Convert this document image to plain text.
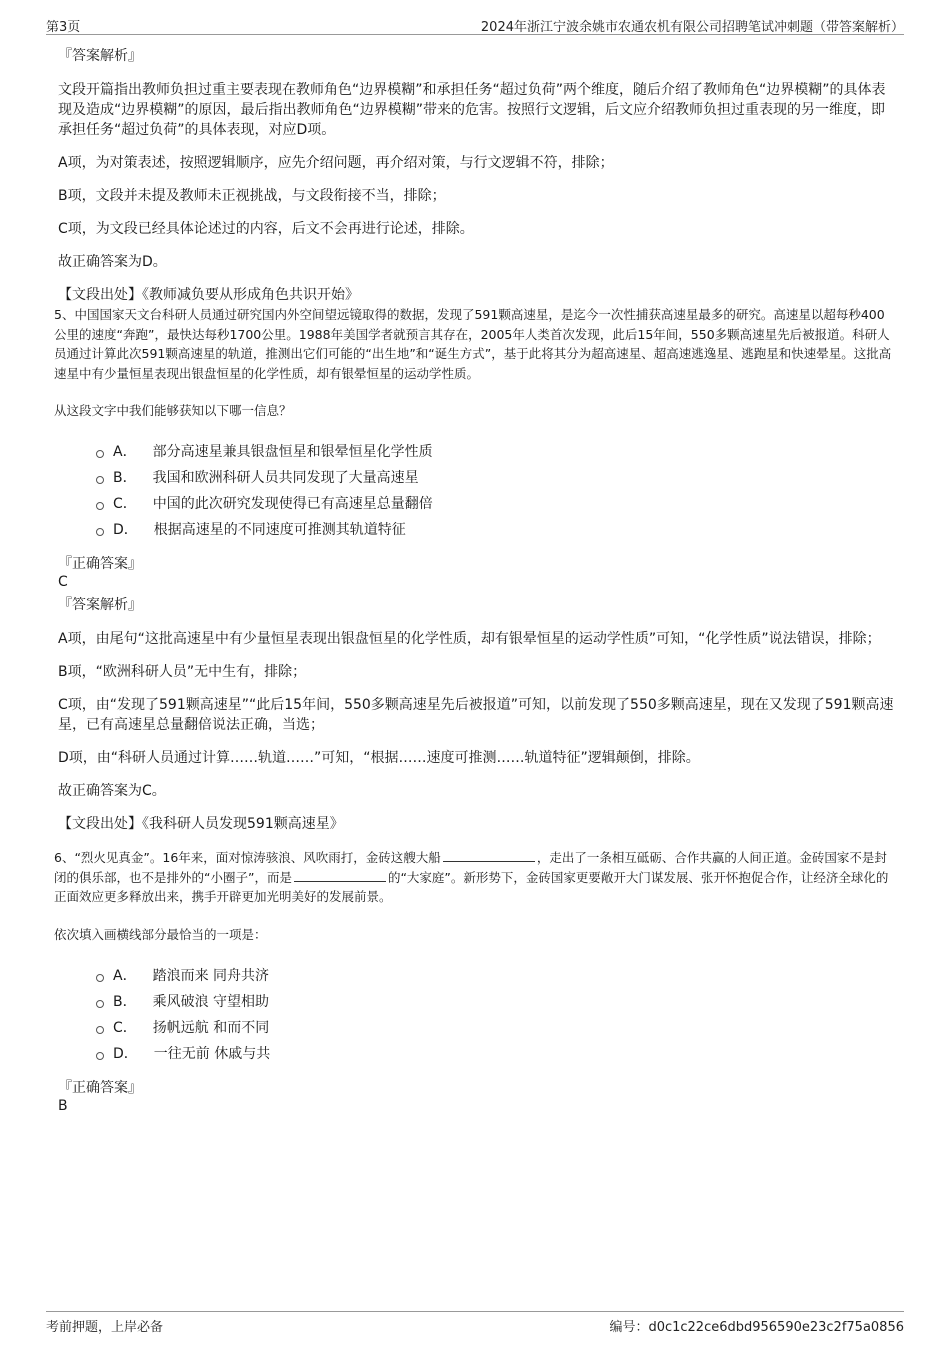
第3页	2024年浙江宁波余姚市农通农机有限公司招聘笔试冲刺题（带答案解析）
『答案解析』
文段开篇指出教师负担过重主要表现在教师角色“边界模糊”和承担任务“超过负荷”两个维度，随后介绍了教师角色“边界模糊”的具体表现及造成“边界模糊”的原因，最后指出教师角色“边界模糊”带来的危害。按照行文逻辑，后文应介绍教师负担过重表现的另一维度，即承担任务“超过负荷”的具体表现，对应D项。
A项，为对策表述，按照逻辑顺序，应先介绍问题，再介绍对策，与行文逻辑不符，排除；
B项，文段并未提及教师未正视挑战，与文段衔接不当，排除；
C项，为文段已经具体论述过的内容，后文不会再进行论述，排除。
故正确答案为D。
【文段出处】《教师减负要从形成角色共识开始》
5、中国国家天文台科研人员通过研究国内外空间望远镜取得的数据，发现了591颗高速星，是迄今一次性捕获高速星最多的研究。高速星以超每秒400公里的速度“奔跑”，最快达每秒1700公里。1988年美国学者就预言其存在，2005年人类首次发现，此后15年间，550多颗高速星先后被报道。科研人员通过计算此次591颗高速星的轨道，推测出它们可能的“出生地”和“诞生方式”，基于此将其分为超高速星、超高速逃逸星、逃跑星和快速晕星。这批高速星中有少量恒星表现出银盘恒星的化学性质，却有银晕恒星的运动学性质。
从这段文字中我们能够获知以下哪一信息？
A． 部分高速星兼具银盘恒星和银晕恒星化学性质
B． 我国和欧洲科研人员共同发现了大量高速星
C． 中国的此次研究发现使得已有高速星总量翻倍
D． 根据高速星的不同速度可推测其轨道特征
『正确答案』
C
『答案解析』
A项，由尾句“这批高速星中有少量恒星表现出银盘恒星的化学性质，却有银晕恒星的运动学性质”可知，“化学性质”说法错误，排除；
B项，“欧洲科研人员”无中生有，排除；
C项，由“发现了591颗高速星”“此后15年间，550多颗高速星先后被报道”可知，以前发现了550多颗高速星，现在又发现了591颗高速星，已有高速星总量翻倍说法正确，当选；
D项，由“科研人员通过计算……轨道……”可知，“根据……速度可推测……轨道特征”逻辑颠倒，排除。
故正确答案为C。
【文段出处】《我科研人员发现591颗高速星》
6、“烈火见真金”。16年来，面对惊涛骇浪、风吹雨打，金砖这艘大船	，走出了一条相互砥砺、合作共赢的人间正道。金砖国家不是封闭的俱乐部，也不是排外的“小圈子”，而是	的“大家庭”。新形势下，金砖国家更要敞开大门谋发展、张开怀抱促合作，让经济全球化的正面效应更多释放出来，携手开辟更加光明美好的发展前景。
依次填入画横线部分最恰当的一项是：
A． 踏浪而来 同舟共济
B． 乘风破浪 守望相助
C． 扬帆远航 和而不同
D． 一往无前 休戚与共
『正确答案』
B
考前押题，上岸必备	编号：d0c1c22ce6dbd956590e23c2f75a0856
